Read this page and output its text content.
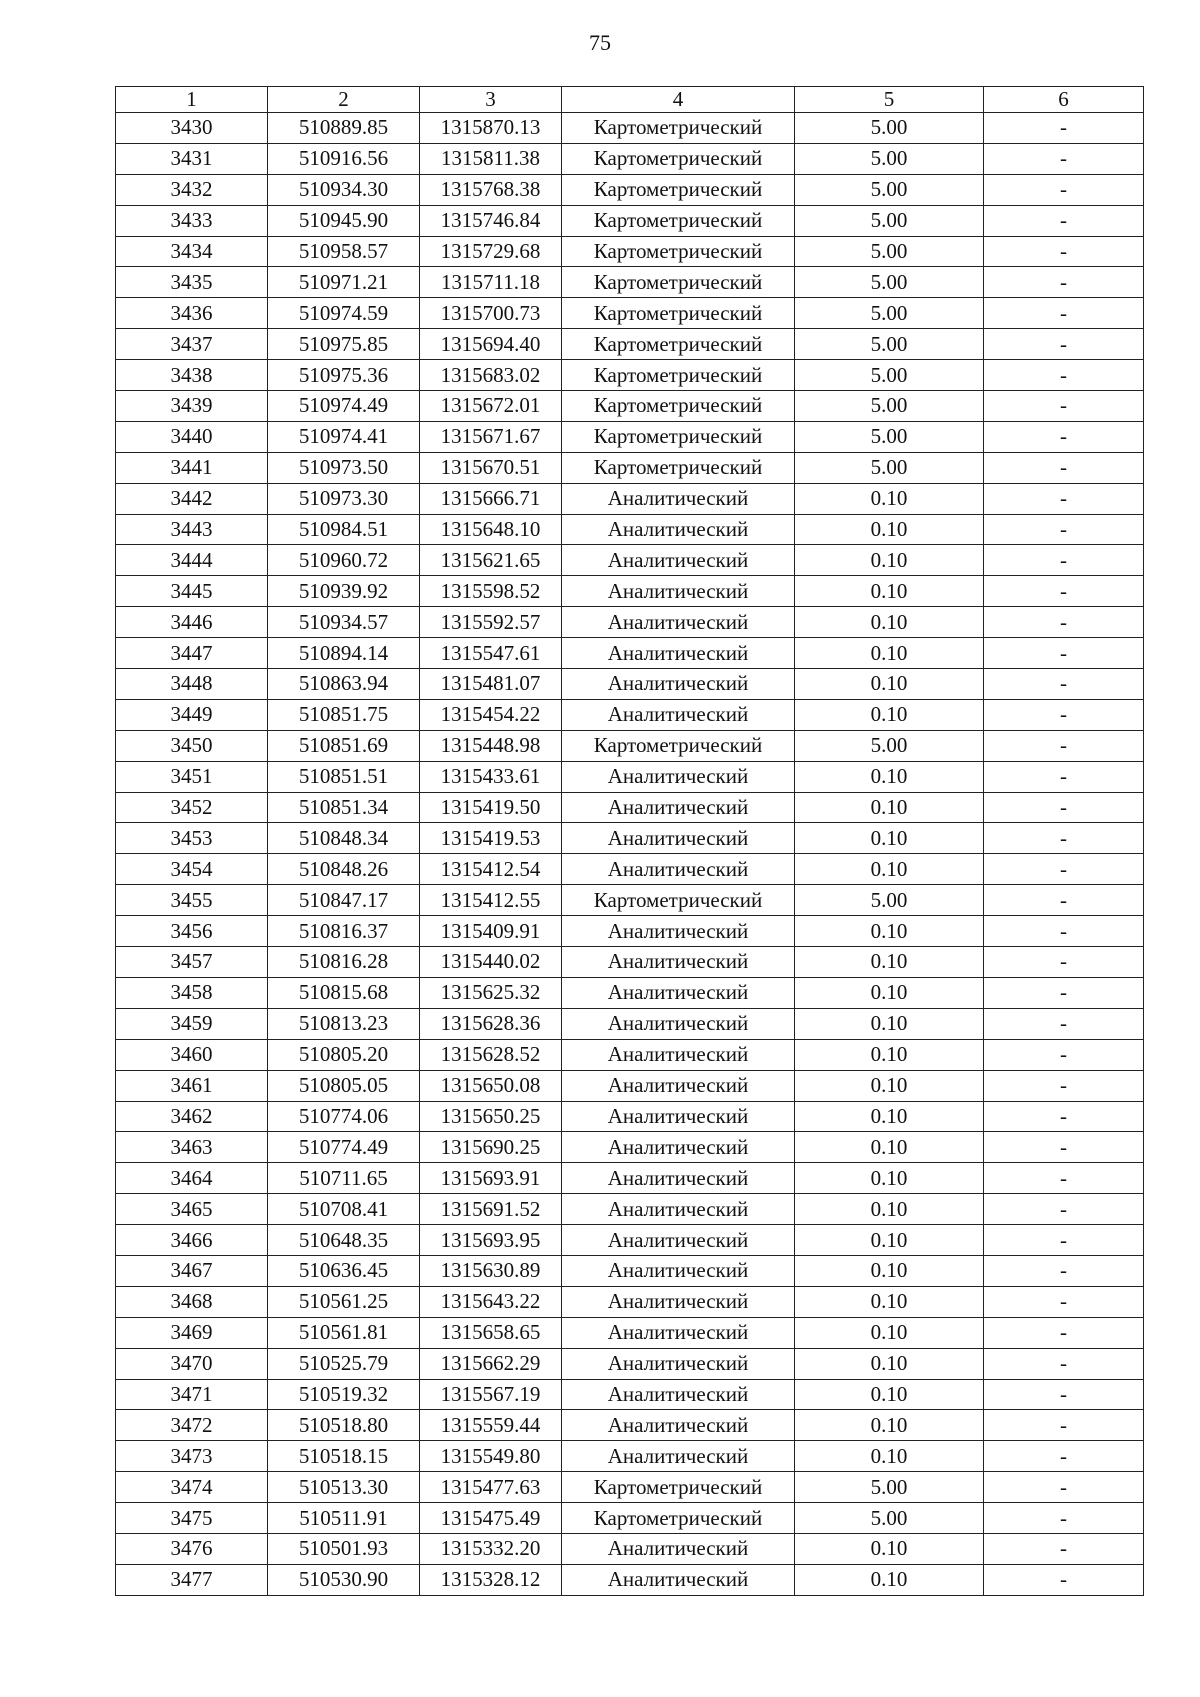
75
1	2	3	4	5	6
3430	510889.85	1315870.13	Картометрический	5.00	-
3431	510916.56	1315811.38	Картометрический	5.00	-
3432	510934.30	1315768.38	Картометрический	5.00	-
3433	510945.90	1315746.84	Картометрический	5.00	-
3434	510958.57	1315729.68	Картометрический	5.00	-
3435	510971.21	1315711.18	Картометрический	5.00	-
3436	510974.59	1315700.73	Картометрический	5.00	-
3437	510975.85	1315694.40	Картометрический	5.00	-
3438	510975.36	1315683.02	Картометрический	5.00	-
3439	510974.49	1315672.01	Картометрический	5.00	-
3440	510974.41	1315671.67	Картометрический	5.00	-
3441	510973.50	1315670.51	Картометрический	5.00	-
3442	510973.30	1315666.71	Аналитический	0.10	-
3443	510984.51	1315648.10	Аналитический	0.10	-
3444	510960.72	1315621.65	Аналитический	0.10	-
3445	510939.92	1315598.52	Аналитический	0.10	-
3446	510934.57	1315592.57	Аналитический	0.10	-
3447	510894.14	1315547.61	Аналитический	0.10	-
3448	510863.94	1315481.07	Аналитический	0.10	-
3449	510851.75	1315454.22	Аналитический	0.10	-
3450	510851.69	1315448.98	Картометрический	5.00	-
3451	510851.51	1315433.61	Аналитический	0.10	-
3452	510851.34	1315419.50	Аналитический	0.10	-
3453	510848.34	1315419.53	Аналитический	0.10	-
3454	510848.26	1315412.54	Аналитический	0.10	-
3455	510847.17	1315412.55	Картометрический	5.00	-
3456	510816.37	1315409.91	Аналитический	0.10	-
3457	510816.28	1315440.02	Аналитический	0.10	-
3458	510815.68	1315625.32	Аналитический	0.10	-
3459	510813.23	1315628.36	Аналитический	0.10	-
3460	510805.20	1315628.52	Аналитический	0.10	-
3461	510805.05	1315650.08	Аналитический	0.10	-
3462	510774.06	1315650.25	Аналитический	0.10	-
3463	510774.49	1315690.25	Аналитический	0.10	-
3464	510711.65	1315693.91	Аналитический	0.10	-
3465	510708.41	1315691.52	Аналитический	0.10	-
3466	510648.35	1315693.95	Аналитический	0.10	-
3467	510636.45	1315630.89	Аналитический	0.10	-
3468	510561.25	1315643.22	Аналитический	0.10	-
3469	510561.81	1315658.65	Аналитический	0.10	-
3470	510525.79	1315662.29	Аналитический	0.10	-
3471	510519.32	1315567.19	Аналитический	0.10	-
3472	510518.80	1315559.44	Аналитический	0.10	-
3473	510518.15	1315549.80	Аналитический	0.10	-
3474	510513.30	1315477.63	Картометрический	5.00	-
3475	510511.91	1315475.49	Картометрический	5.00	-
3476	510501.93	1315332.20	Аналитический	0.10	-
3477	510530.90	1315328.12	Аналитический	0.10	-
